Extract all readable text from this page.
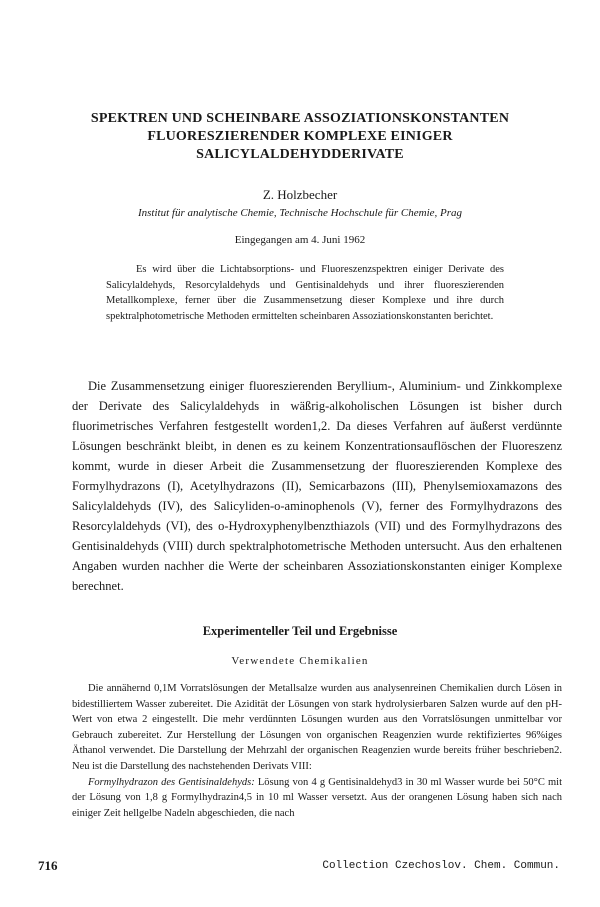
SPEKTREN UND SCHEINBARE ASSOZIATIONSKONSTANTEN
FLUORESZIERENDER KOMPLEXE EINIGER
SALICYLALDEHYDDERIVATE
Z. Holzbecher
Institut für analytische Chemie, Technische Hochschule für Chemie, Prag
Eingegangen am 4. Juni 1962
Es wird über die Lichtabsorptions- und Fluoreszenzspektren einiger Derivate des Salicylaldehyds, Resorcylaldehyds und Gentisinaldehyds und ihrer fluoreszierenden Metallkomplexe, ferner über die Zusammensetzung dieser Komplexe und ihre durch spektralphotometrische Methoden ermittelten scheinbaren Assoziationskonstanten berichtet.
Die Zusammensetzung einiger fluoreszierenden Beryllium-, Aluminium- und Zinkkomplexe der Derivate des Salicylaldehyds in wäßrig-alkoholischen Lösungen ist bisher durch fluorimetrisches Verfahren festgestellt worden1,2. Da dieses Verfahren auf äußerst verdünnte Lösungen beschränkt bleibt, in denen es zu keinem Konzentrationsauflöschen der Fluoreszenz kommt, wurde in dieser Arbeit die Zusammensetzung der fluoreszierenden Komplexe des Formylhydrazons (I), Acetylhydrazons (II), Semicarbazons (III), Phenylsemioxamazons des Salicylaldehyds (IV), des Salicyliden-o-aminophenols (V), ferner des Formylhydrazons des Resorcylaldehyds (VI), des o-Hydroxyphenylbenzthiazols (VII) und des Formylhydrazons des Gentisinaldehyds (VIII) durch spektralphotometrische Methoden untersucht. Aus den erhaltenen Angaben wurden nachher die Werte der scheinbaren Assoziationskonstanten einiger Komplexe berechnet.
Experimenteller Teil und Ergebnisse
Verwendete Chemikalien
Die annähernd 0,1M Vorratslösungen der Metallsalze wurden aus analysenreinen Chemikalien durch Lösen in bidestilliertem Wasser zubereitet. Die Azidität der Lösungen von stark hydrolysierbaren Salzen wurde auf den pH-Wert von etwa 2 eingestellt. Die mehr verdünnten Lösungen wurden aus den Vorratslösungen unmittelbar vor Gebrauch zubereitet. Zur Herstellung der Lösungen von organischen Reagenzien wurde rektifiziertes 96%iges Äthanol verwendet. Die Darstellung der Mehrzahl der organischen Reagenzien wurde bereits früher beschrieben2. Neu ist die Darstellung des nachstehenden Derivats VIII:
Formylhydrazon des Gentisinaldehyds: Lösung von 4 g Gentisinaldehyd3 in 30 ml Wasser wurde bei 50°C mit der Lösung von 1,8 g Formylhydrazin4,5 in 10 ml Wasser versetzt. Aus der orangenen Lösung haben sich nach einiger Zeit hellgelbe Nadeln abgeschieden, die nach
716	Collection Czechoslov. Chem. Commun.
